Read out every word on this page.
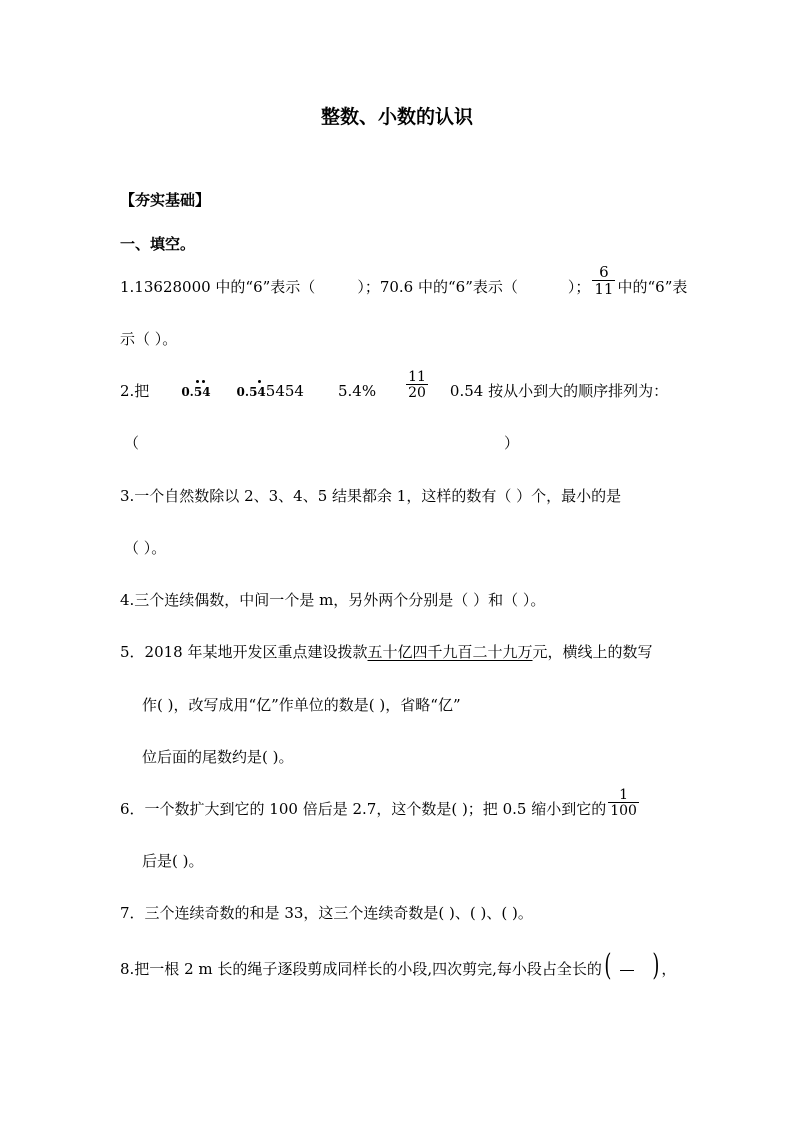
整数、小数的认识
【夯实基础】
一、填空。
1.13628000 中的“6”表示（	）；70.6 中的“6”表示（	）； $\frac{6}{11}$ 中的“6”表
示（ ）。
2.把	0.54 0.54
5454 $5.4\% \frac{11}{20} 0.54$ 按从小到大的顺序排列为：
（	）
3.一个自然数除以 2、3、4、5 结果都余 1，这样的数有（ ）个，最小的是
（ ）。
4.三个连续偶数，中间一个是 m，另外两个分别是（ ）和（ ）。
5．2018 年某地开发区重点建设拨款五十亿四千九百二十九万元，横线上的数写
作( )，改写成用“亿”作单位的数是( )，省略“亿”
位后面的尾数约是( )。
6．一个数扩大到它的 100 倍后是 2.7，这个数是( )；把 0.5 缩小到它的 $\frac{1}{100}$
后是( )。
7．三个连续奇数的和是 33，这三个连续奇数是( )、( )、( )。
8.把一根 2 m 长的绳子逐段剪成同样长的小段,四次剪完,每小段占全长的( ) ，
